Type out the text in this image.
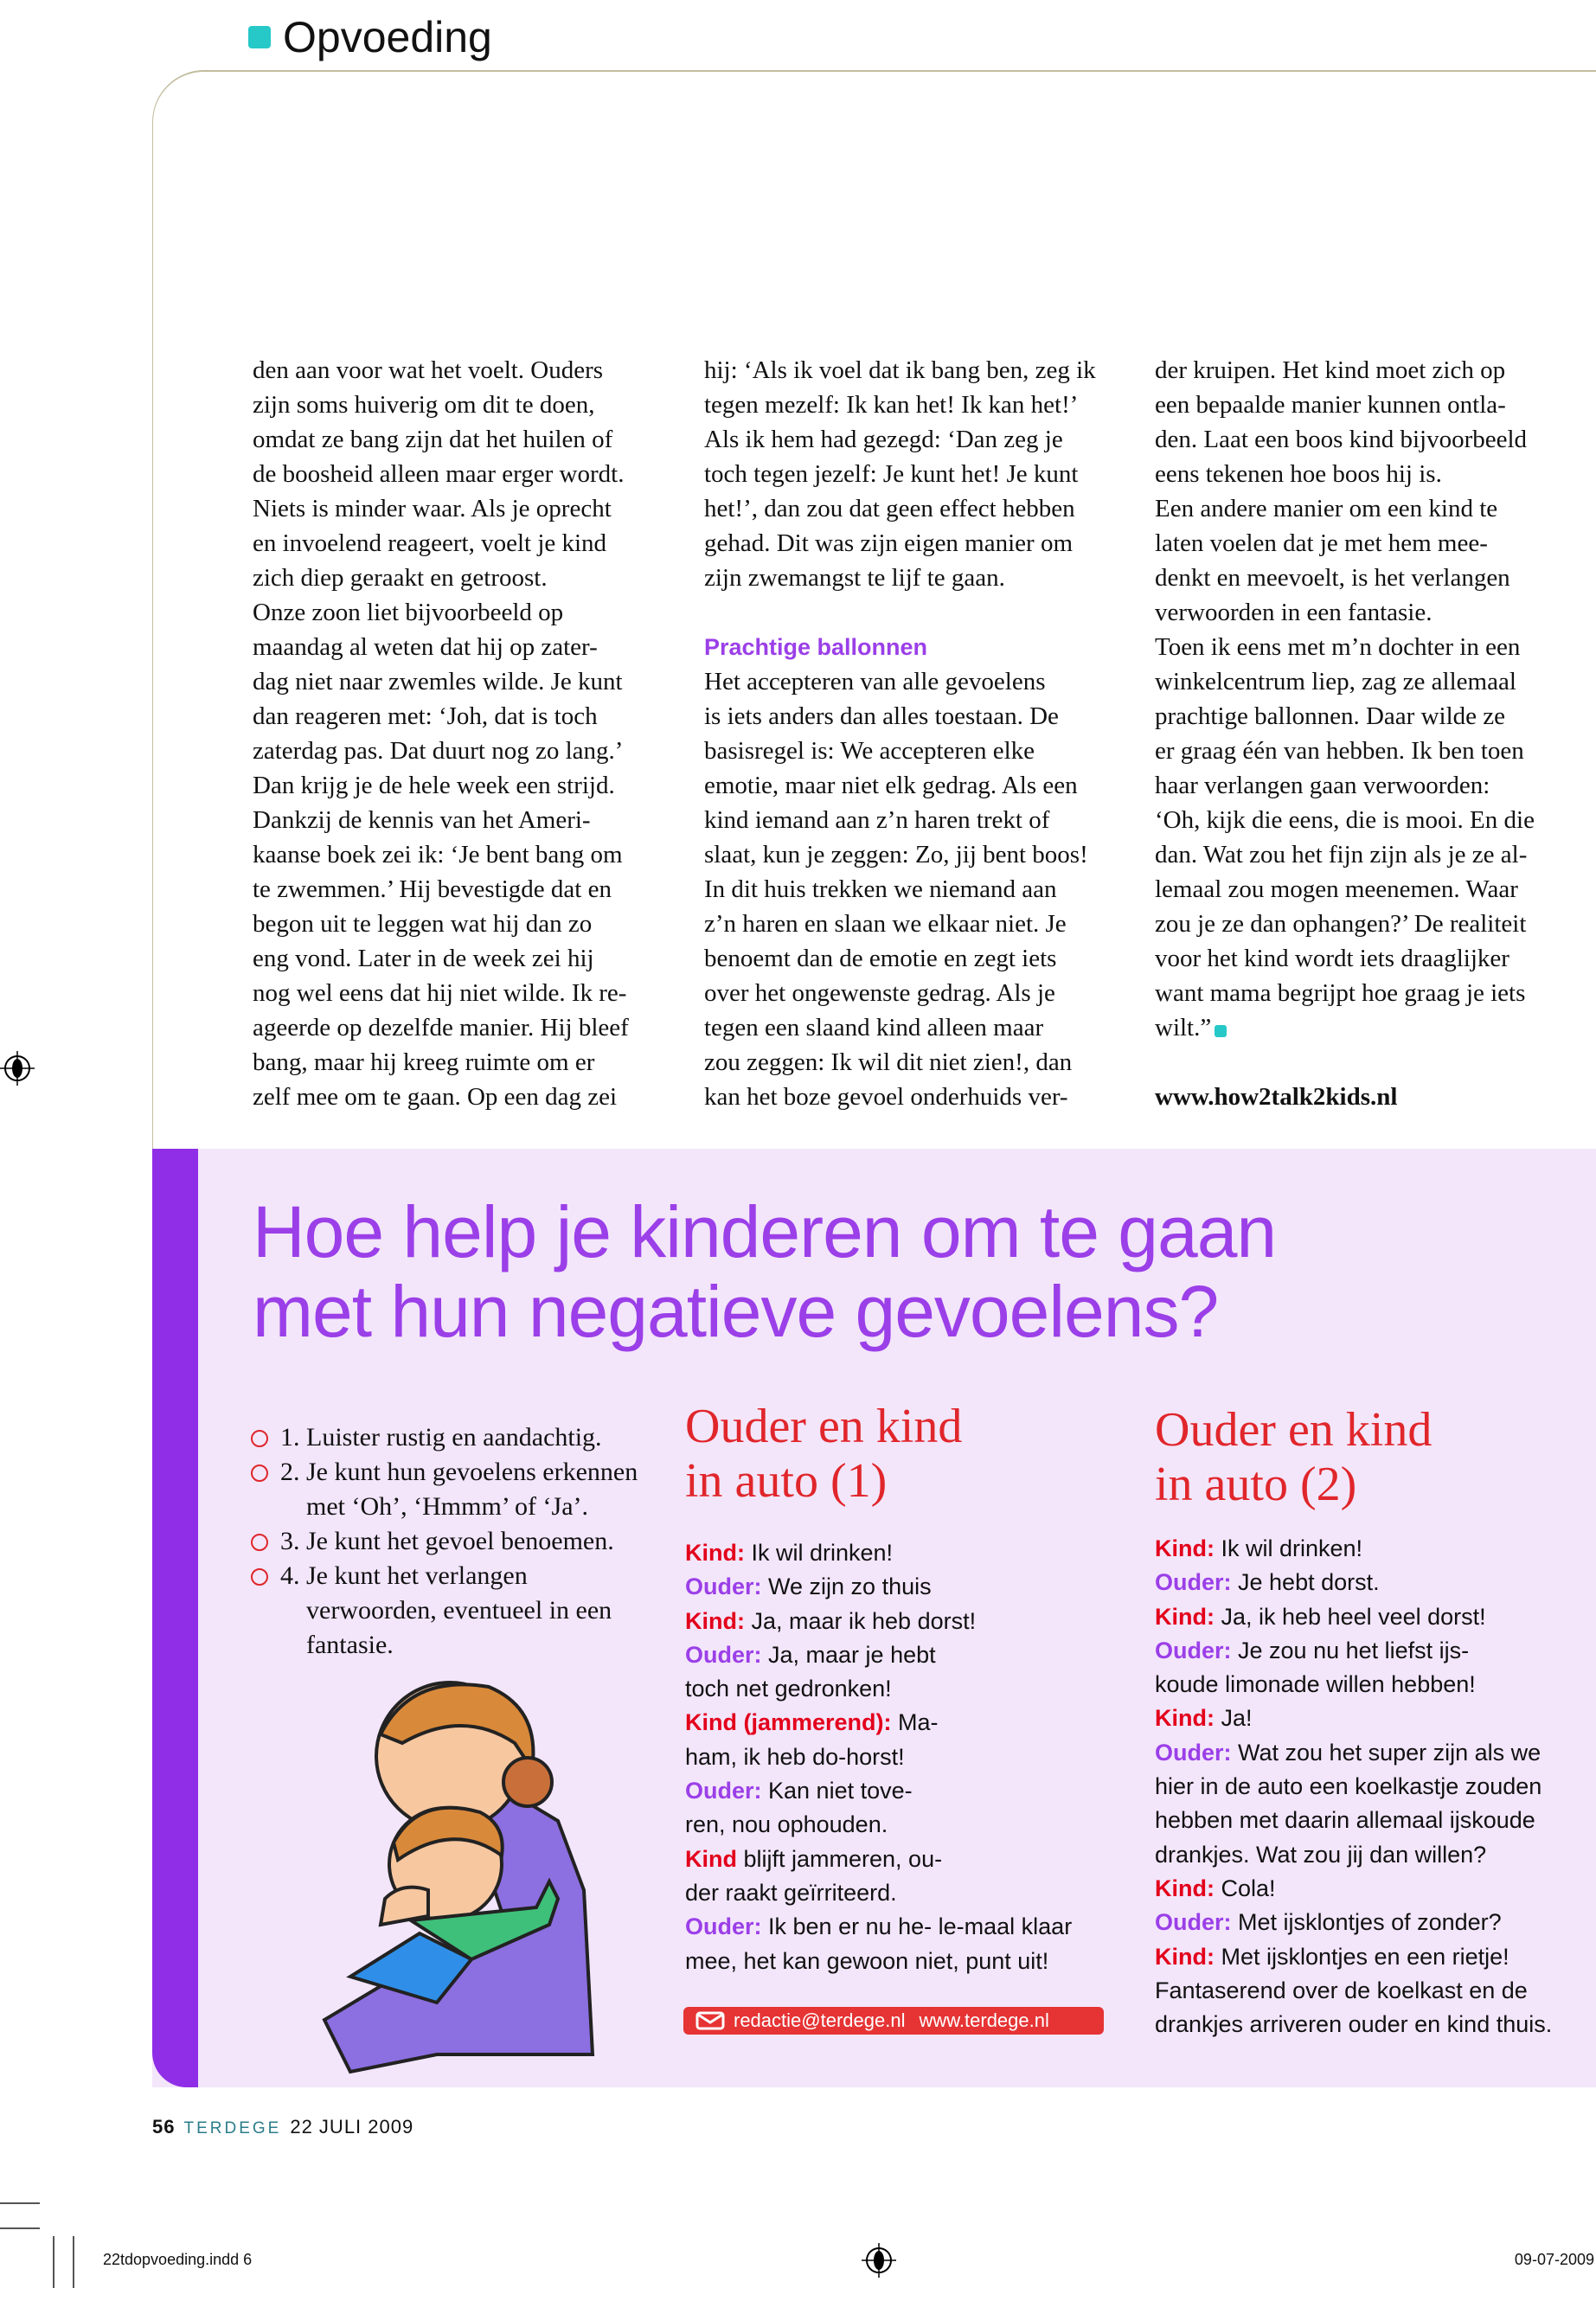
Opvoeding
den aan voor wat het voelt. Ouders
zijn soms huiverig om dit te doen,
omdat ze bang zijn dat het huilen of
de boosheid alleen maar erger wordt.
Niets is minder waar. Als je oprecht
en invoelend reageert, voelt je kind
zich diep geraakt en getroost.
Onze zoon liet bijvoorbeeld op
maandag al weten dat hij op zater-
dag niet naar zwemles wilde. Je kunt
dan reageren met: ‘Joh, dat is toch
zaterdag pas. Dat duurt nog zo lang.’
Dan krijg je de hele week een strijd.
Dankzij de kennis van het Ameri-
kaanse boek zei ik: ‘Je bent bang om
te zwemmen.’ Hij bevestigde dat en
begon uit te leggen wat hij dan zo
eng vond. Later in de week zei hij
nog wel eens dat hij niet wilde. Ik re-
ageerde op dezelfde manier. Hij bleef
bang, maar hij kreeg ruimte om er
zelf mee om te gaan. Op een dag zei
hij: ‘Als ik voel dat ik bang ben, zeg ik
tegen mezelf: Ik kan het! Ik kan het!’
Als ik hem had gezegd: ‘Dan zeg je
toch tegen jezelf: Je kunt het! Je kunt
het!’, dan zou dat geen effect hebben
gehad. Dit was zijn eigen manier om
zijn zwemangst te lijf te gaan.
Prachtige ballonnen
Het accepteren van alle gevoelens
is iets anders dan alles toestaan. De
basisregel is: We accepteren elke
emotie, maar niet elk gedrag. Als een
kind iemand aan z’n haren trekt of
slaat, kun je zeggen: Zo, jij bent boos!
In dit huis trekken we niemand aan
z’n haren en slaan we elkaar niet. Je
benoemt dan de emotie en zegt iets
over het ongewenste gedrag. Als je
tegen een slaand kind alleen maar
zou zeggen: Ik wil dit niet zien!, dan
kan het boze gevoel onderhuids ver-
der kruipen. Het kind moet zich op
een bepaalde manier kunnen ontla-
den. Laat een boos kind bijvoorbeeld
eens tekenen hoe boos hij is.
Een andere manier om een kind te
laten voelen dat je met hem mee-
denkt en meevoelt, is het verlangen
verwoorden in een fantasie.
Toen ik eens met m’n dochter in een
winkelcentrum liep, zag ze allemaal
prachtige ballonnen. Daar wilde ze
er graag één van hebben. Ik ben toen
haar verlangen gaan verwoorden:
‘Oh, kijk die eens, die is mooi. En die
dan. Wat zou het fijn zijn als je ze al-
lemaal zou mogen meenemen. Waar
zou je ze dan ophangen?’ De realiteit
voor het kind wordt iets draaglijker
want mama begrijpt hoe graag je iets
wilt.”
www.how2talk2kids.nl
Hoe help je kinderen om te gaan
met hun negatieve gevoelens?
1. Luister rustig en aandachtig.
2. Je kunt hun gevoelens erkennen met ‘Oh’, ‘Hmmm’ of ‘Ja’.
3. Je kunt het gevoel benoemen.
4. Je kunt het verlangen verwoorden, eventueel in een fantasie.
Ouder en kind
in auto (1)
Kind: Ik wil drinken!
Ouder: We zijn zo thuis
Kind: Ja, maar ik heb dorst!
Ouder: Ja, maar je hebt
toch net gedronken!
Kind (jammerend): Ma-
ham, ik heb do-horst!
Ouder: Kan niet tove-
ren, nou ophouden.
Kind blijft jammeren, ou-
der raakt geïrriteerd.
Ouder: Ik ben er nu he- le-maal klaar
mee, het kan gewoon niet, punt uit!
Ouder en kind
in auto (2)
Kind: Ik wil drinken!
Ouder: Je hebt dorst.
Kind: Ja, ik heb heel veel dorst!
Ouder: Je zou nu het liefst ijs-
koude limonade willen hebben!
Kind: Ja!
Ouder: Wat zou het super zijn als we
hier in de auto een koelkastje zouden
hebben met daarin allemaal ijskoude
drankjes. Wat zou jij dan willen?
Kind: Cola!
Ouder: Met ijsklontjes of zonder?
Kind: Met ijsklontjes en een rietje!
Fantaserend over de koelkast en de
drankjes arriveren ouder en kind thuis.
redactie@terdege.nl www.terdege.nl
56 TERDEGE 22 JULI 2009
22tdopvoeding.indd 6	09-07-2009
